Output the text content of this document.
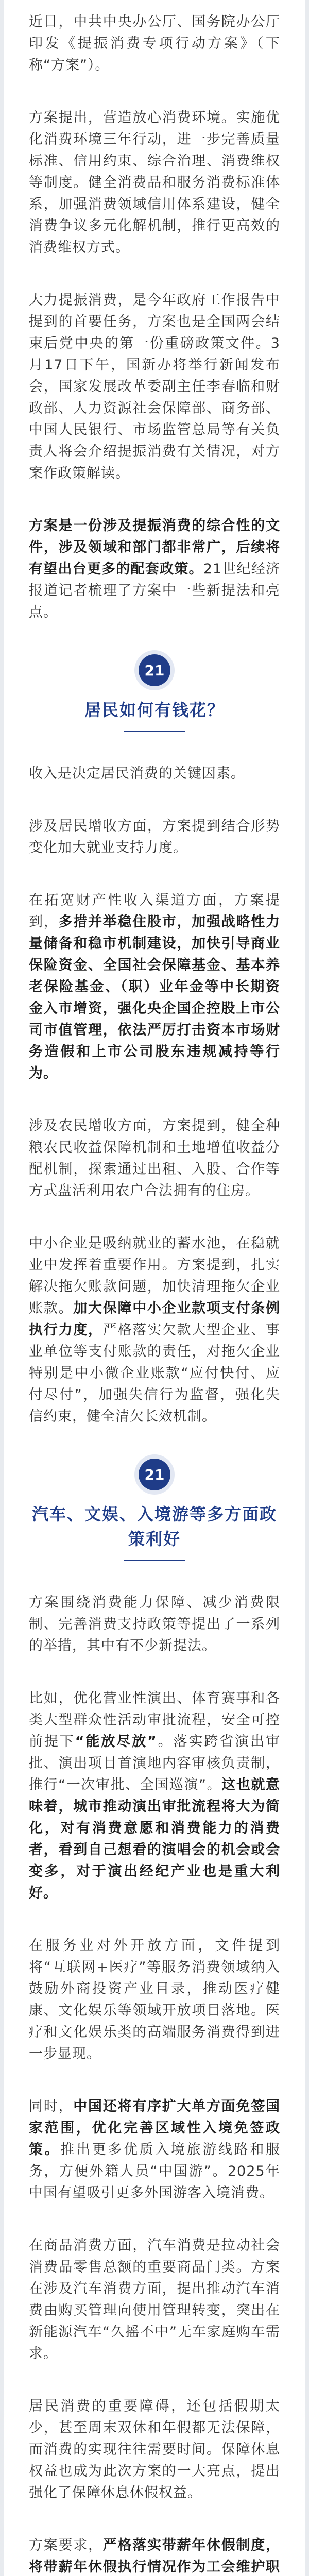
近日，中共中央办公厅、国务院办公厅印发《提振消费专项行动方案》（下称“方案”）。

方案提出，营造放心消费环境。实施优化消费环境三年行动，进一步完善质量标准、信用约束、综合治理、消费维权等制度。健全消费品和服务消费标准体系，加强消费领域信用体系建设，健全消费争议多元化解机制，推行更高效的消费维权方式。

大力提振消费，是今年政府工作报告中提到的首要任务，方案也是全国两会结束后党中央的第一份重磅政策文件。3月17日下午，国新办将举行新闻发布会，国家发展改革委副主任李春临和财政部、人力资源社会保障部、商务部、中国人民银行、市场监管总局等有关负责人将会介绍提振消费有关情况，对方案作政策解读。

方案是一份涉及提振消费的综合性的文件，涉及领域和部门都非常广，后续将有望出台更多的配套政策。21世纪经济报道记者梳理了方案中一些新提法和亮点。

21
居民如何有钱花？

收入是决定居民消费的关键因素。

涉及居民增收方面，方案提到结合形势变化加大就业支持力度。

在拓宽财产性收入渠道方面，方案提到，多措并举稳住股市，加强战略性力量储备和稳市机制建设，加快引导商业保险资金、全国社会保障基金、基本养老保险基金、（职）业年金等中长期资金入市增资，强化央企国企控股上市公司市值管理，依法严厉打击资本市场财务造假和上市公司股东违规减持等行为。

涉及农民增收方面，方案提到，健全种粮农民收益保障机制和土地增值收益分配机制，探索通过出租、入股、合作等方式盘活利用农户合法拥有的住房。

中小企业是吸纳就业的蓄水池，在稳就业中发挥着重要作用。方案提到，扎实解决拖欠账款问题，加快清理拖欠企业账款。加大保障中小企业款项支付条例执行力度，严格落实欠款大型企业、事业单位等支付账款的责任，对拖欠企业特别是中小微企业账款“应付快付、应付尽付”，加强失信行为监督，强化失信约束，健全清欠长效机制。

21
汽车、文娱、入境游等多方面政策利好

方案围绕消费能力保障、减少消费限制、完善消费支持政策等提出了一系列的举措，其中有不少新提法。

比如，优化营业性演出、体育赛事和各类大型群众性活动审批流程，安全可控前提下“能放尽放”。落实跨省演出审批、演出项目首演地内容审核负责制，推行“一次审批、全国巡演”。这也就意味着，城市推动演出审批流程将大为简化，对有消费意愿和消费能力的消费者，看到自己想看的演唱会的机会或会变多，对于演出经纪产业也是重大利好。

在服务业对外开放方面，文件提到将“互联网+医疗”等服务消费领域纳入鼓励外商投资产业目录，推动医疗健康、文化娱乐等领域开放项目落地。医疗和文化娱乐类的高端服务消费得到进一步显现。

同时，中国还将有序扩大单方面免签国家范围，优化完善区域性入境免签政策。推出更多优质入境旅游线路和服务，方便外籍人员“中国游”。2025年中国有望吸引更多外国游客入境消费。

在商品消费方面，汽车消费是拉动社会消费品零售总额的重要商品门类。方案在涉及汽车消费方面，提出推动汽车消费由购买管理向使用管理转变，突出在新能源汽车“久摇不中”无车家庭购车需求。

居民消费的重要障碍，还包括假期太少，甚至周末双休和年假都无法保障，而消费的实现往往需要时间。保障休息权益也成为此次方案的一大亮点，提出强化了保障休息休假权益。

方案要求，严格落实带薪年休假制度，将带薪年休假执行情况作为工会维护职
